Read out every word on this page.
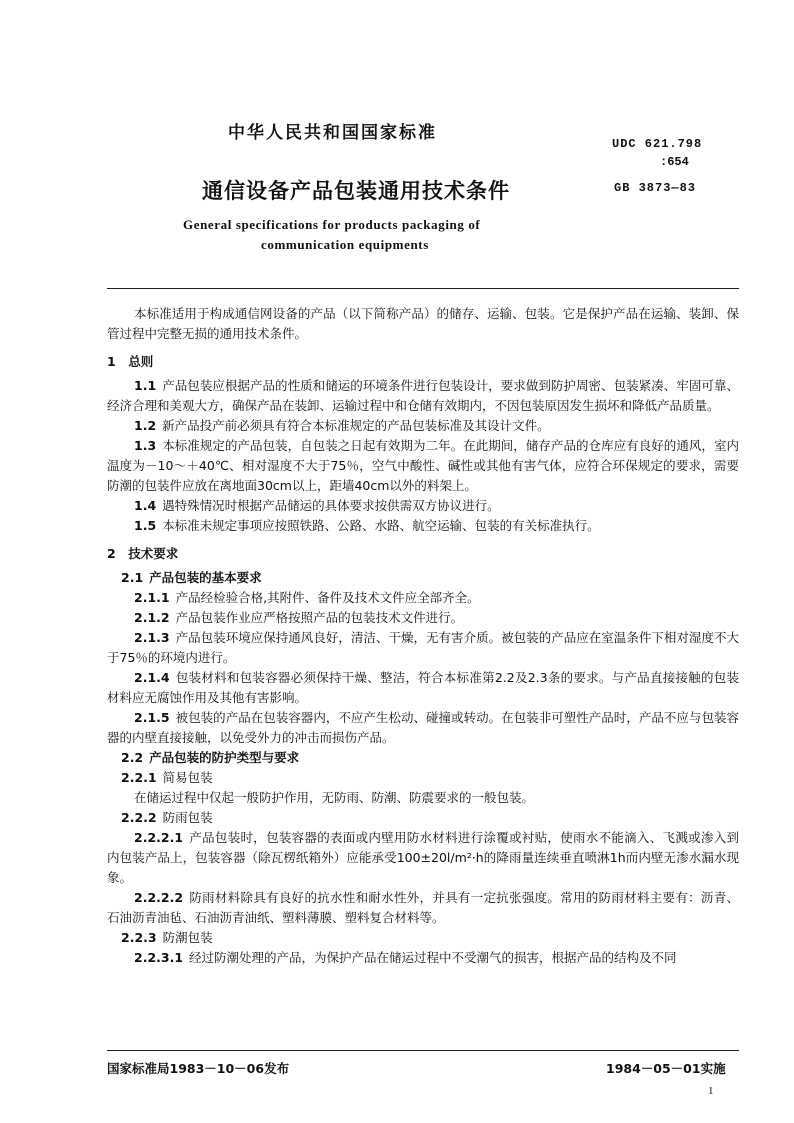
中华人民共和国国家标准
UDC 621.798
:654
通信设备产品包装通用技术条件	GB 3873—83
General specifications for products packaging of
communication equipments

本标准适用于构成通信网设备的产品（以下简称产品）的储存、运输、包装。它是保护产品在运输、装卸、保管过程中完整无损的通用技术条件。

1　总则

1.1 产品包装应根据产品的性质和储运的环境条件进行包装设计，要求做到防护周密、包装紧凑、牢固可靠、经济合理和美观大方，确保产品在装卸、运输过程中和仓储有效期内，不因包装原因发生损坏和降低产品质量。

1.2 新产品投产前必须具有符合本标准规定的产品包装标准及其设计文件。

1.3 本标准规定的产品包装，自包装之日起有效期为二年。在此期间，储存产品的仓库应有良好的通风，室内温度为－10～＋40℃、相对湿度不大于75％，空气中酸性、碱性或其他有害气体，应符合环保规定的要求，需要防潮的包装件应放在离地面30cm以上，距墙40cm以外的料架上。

1.4 遇特殊情况时根据产品储运的具体要求按供需双方协议进行。

1.5 本标准未规定事项应按照铁路、公路、水路、航空运输、包装的有关标准执行。

2　技术要求

2.1 产品包装的基本要求

2.1.1 产品经检验合格,其附件、备件及技术文件应全部齐全。

2.1.2 产品包装作业应严格按照产品的包装技术文件进行。

2.1.3 产品包装环境应保持通风良好，清洁、干燥，无有害介质。被包装的产品应在室温条件下相对湿度不大于75％的环境内进行。

2.1.4 包装材料和包装容器必须保持干燥、整洁，符合本标准第2.2及2.3条的要求。与产品直接接触的包装材料应无腐蚀作用及其他有害影响。

2.1.5 被包装的产品在包装容器内，不应产生松动、碰撞或转动。在包装非可塑性产品时，产品不应与包装容器的内壁直接接触，以免受外力的冲击而损伤产品。

2.2 产品包装的防护类型与要求

2.2.1 简易包装

在储运过程中仅起一般防护作用，无防雨、防潮、防震要求的一般包装。

2.2.2 防雨包装

2.2.2.1 产品包装时，包装容器的表面或内壁用防水材料进行涂覆或衬贴，使雨水不能滴入、飞溅或渗入到内包装产品上，包装容器（除瓦楞纸箱外）应能承受100±20l/m²·h的降雨量连续垂直喷淋1h而内壁无渗水漏水现象。

2.2.2.2 防雨材料除具有良好的抗水性和耐水性外，并具有一定抗张强度。常用的防雨材料主要有：沥青、石油沥青油毡、石油沥青油纸、塑料薄膜、塑料复合材料等。

2.2.3 防潮包装

2.2.3.1 经过防潮处理的产品，为保护产品在储运过程中不受潮气的损害，根据产品的结构及不同

国家标准局1983－10－06发布	1984－05－01实施
1
